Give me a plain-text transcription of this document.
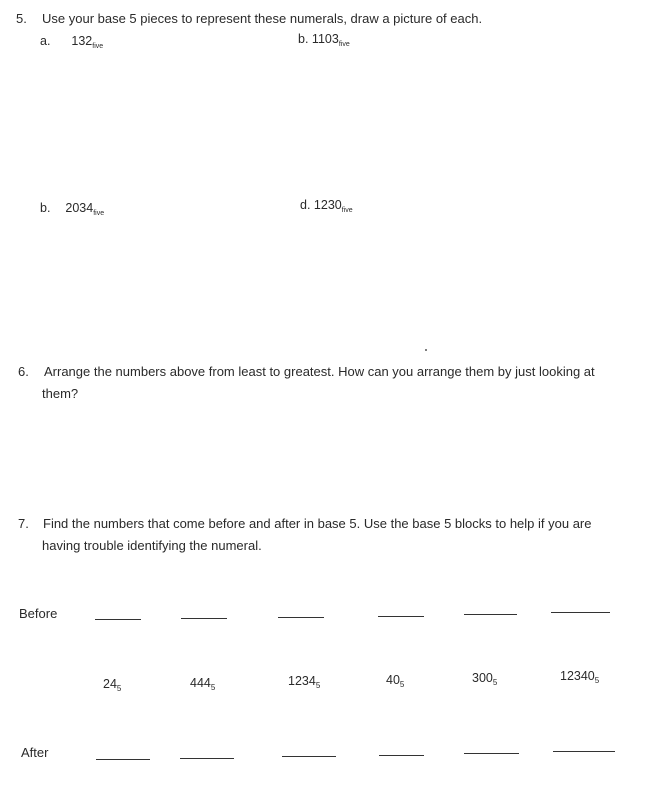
5. Use your base 5 pieces to represent these numerals, draw a picture of each.
a. $132_{five}$
b. $1103_{five}$
b. $2034_{five}$
d. $1230_{five}$
6. Arrange the numbers above from least to greatest. How can you arrange them by just looking at
them?
7. Find the numbers that come before and after in base 5. Use the base 5 blocks to help if you are
having trouble identifying the numeral.
Before
$24_5$	$444_5$	$1234_5$	$40_5$	$300_5$	$12340_5$
After
